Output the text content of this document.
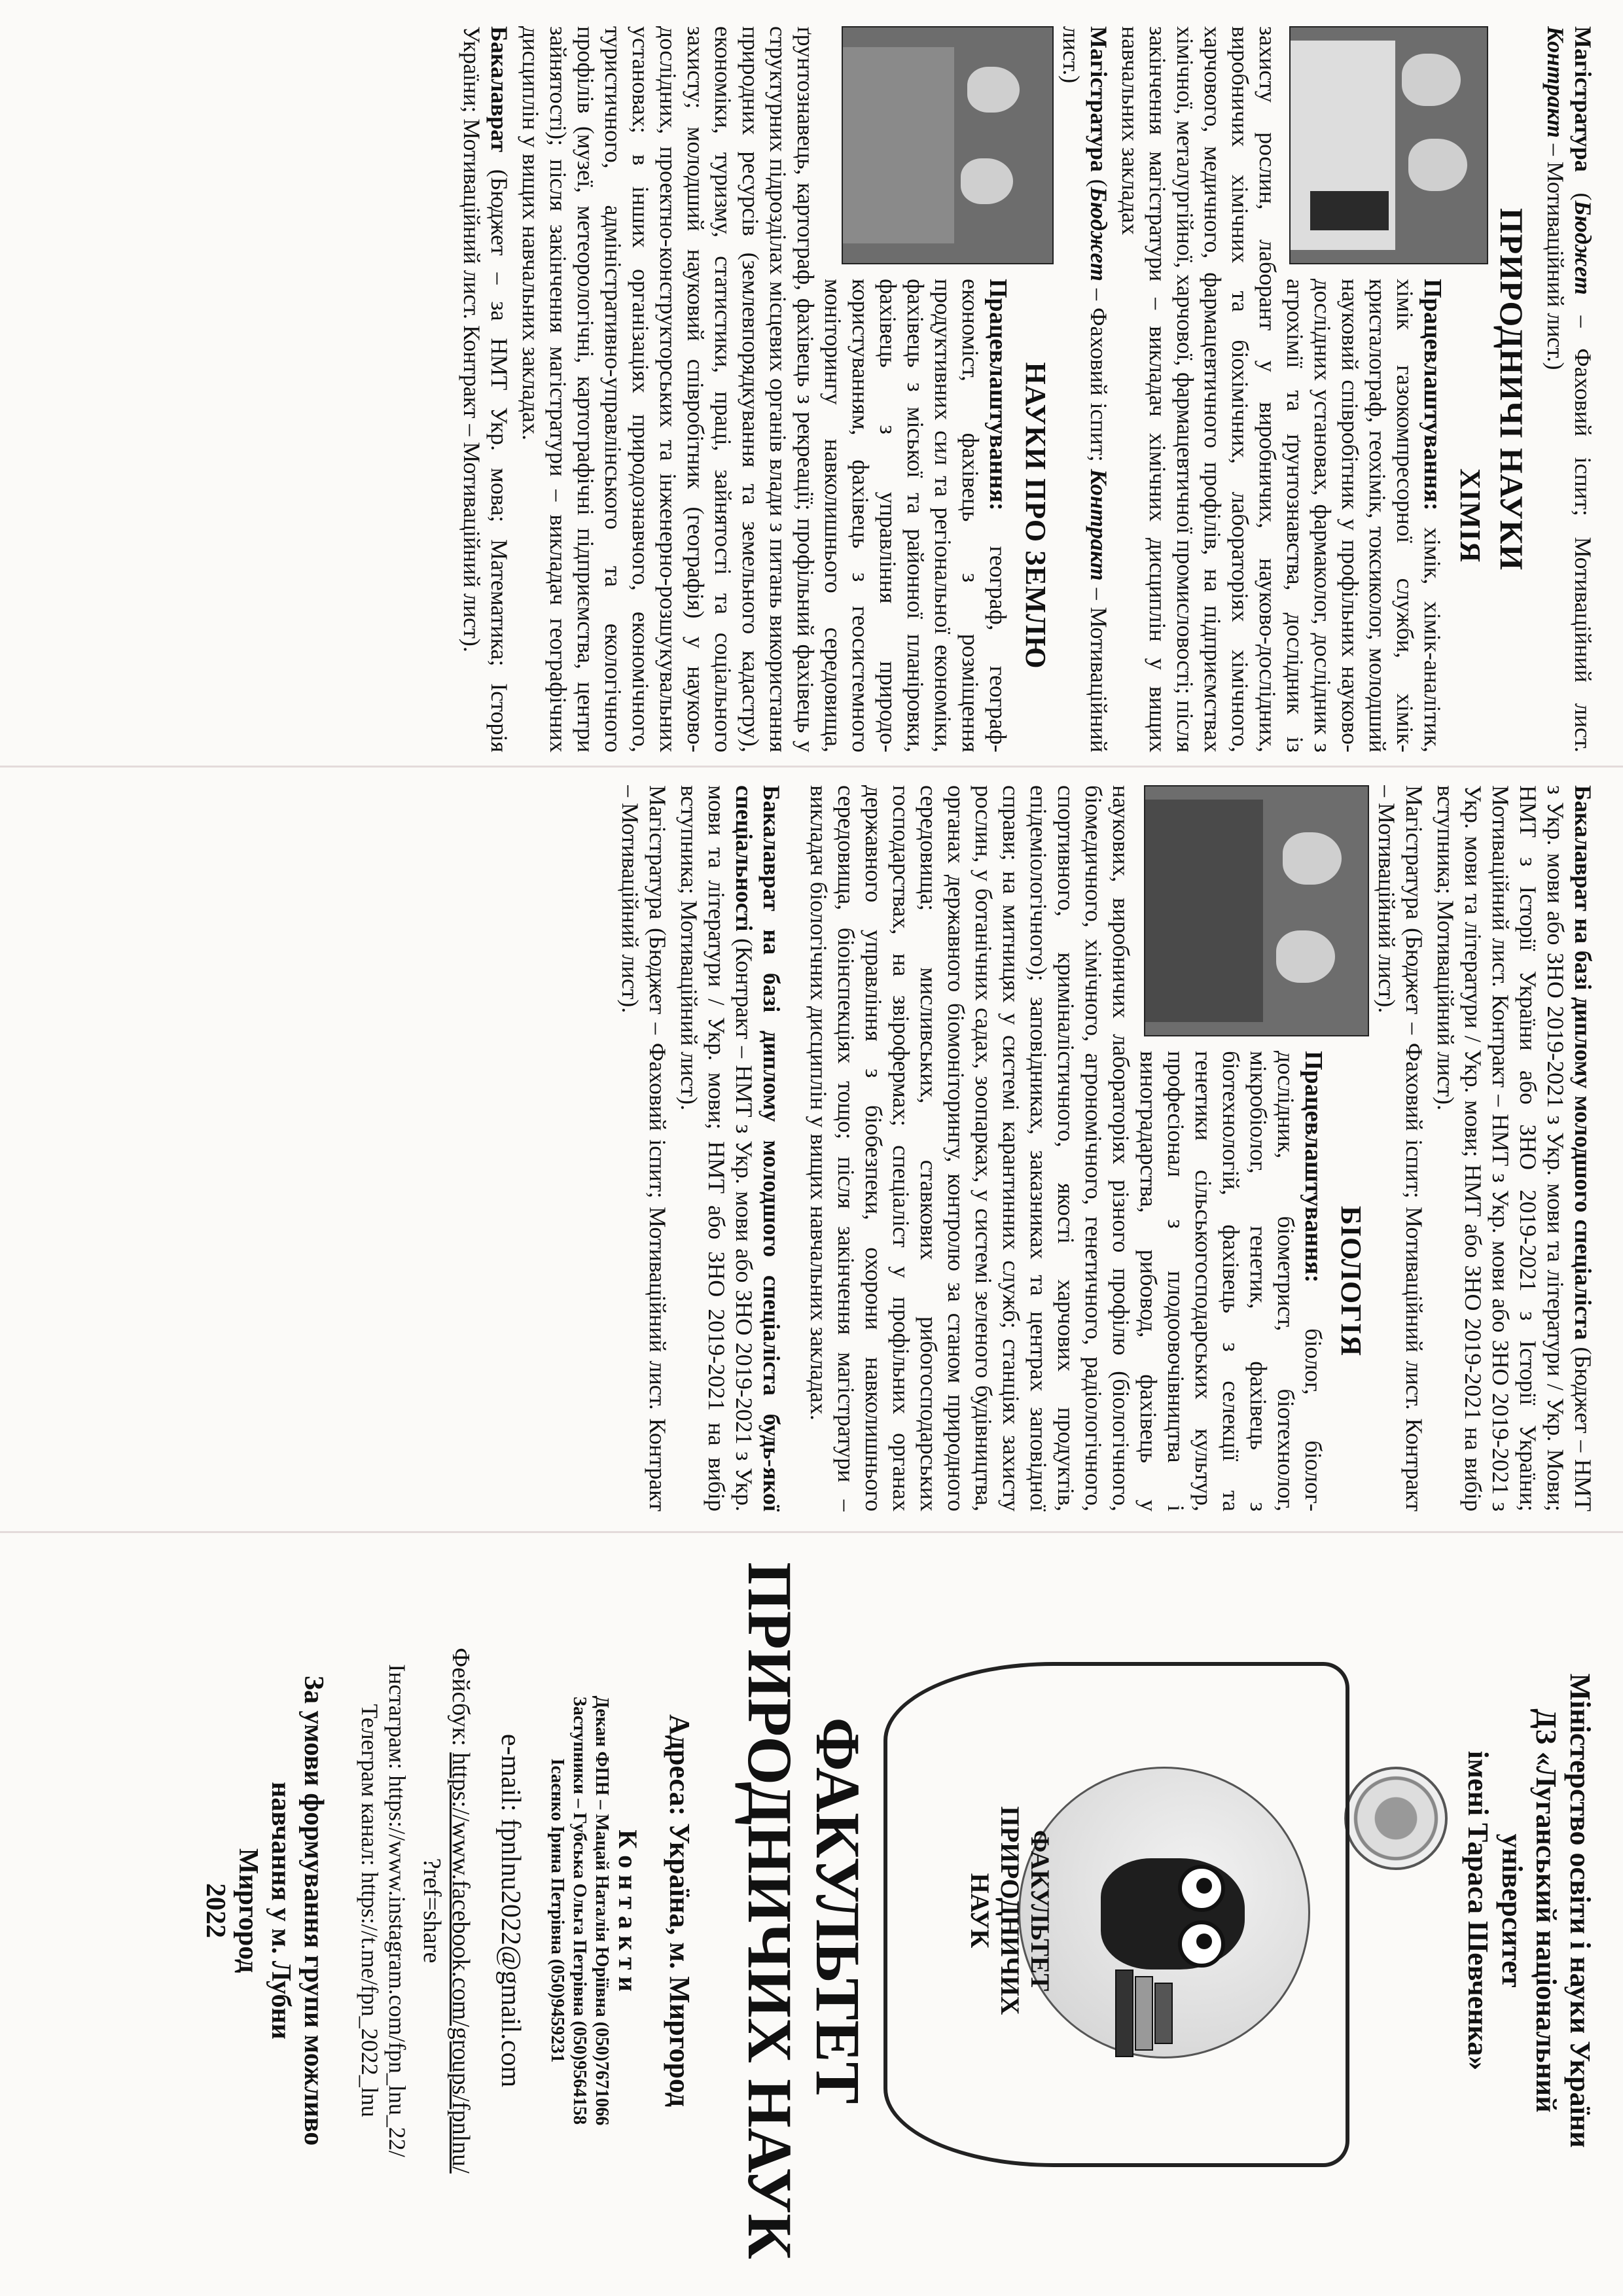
Магістратура (Бюджет – Фаховий іспит; Мотиваційний лист. Контракт – Мотиваційний лист.)

ПРИРОДНИЧІ НАУКИ
ХІМІЯ

Працевлаштування: хімік, хімік-аналітик, хімік газокомпресорної служби, хімік-кристалограф, геохімік, токсиколог, молодший науковий співробітник у профільних науково-дослідних установах, фармаколог, дослідник з агрохімії та ґрунтознавства, дослідник із захисту рослин, лаборант у виробничих, науково-дослідних, виробничих хімічних та біохімічних, лабораторіях хімічного, харчового, медичного, фармацевтичного профілів, на підприємствах хімічної, металургійної, харчової, фармацевтичної промисловості; після закінчення магістратури – викладач хімічних дисциплін у вищих навчальних закладах

Магістратура (Бюджет – Фаховий іспит; Контракт – Мотиваційний лист.)

НАУКИ ПРО ЗЕМЛЮ

Працевлаштування: географ, географ-економіст, фахівець з розміщення продуктивних сил та регіональної економіки, фахівець з міської та районної планіровки, фахівець з управління природо-користуванням, фахівець з геосистемного моніторингу навколишнього середовища, ґрунтознавець, картограф, фахівець з рекреації; профільний фахівець у структурних підрозділах місцевих органів влади з питань використання природних ресурсів (землевпорядкування та земельного кадастру), економіки, туризму, статистики, праці, зайнятості та соціального захисту; молодший науковий співробітник (географія) у науково-дослідних, проектно-конструкторських та інженерно-розшукувальних установах; в інших організаціях природознавчого, економічного, туристичного, адміністративно-управлінського та екологічного профілів (музеї, метеорологічні, картографічні підприємства, центри зайнятості); після закінчення магістратури – викладач географічних дисциплін у вищих навчальних закладах.

Бакалаврат (Бюджет – за НМТ Укр. мова; Математика; Історія України; Мотиваційний лист. Контракт – Мотиваційний лист).

Бакалаврат на базі диплому молодшого спеціаліста (Бюджет – НМТ з Укр. мови або ЗНО 2019-2021 з Укр. мови та літератури / Укр. Мови; НМТ з Історії України або ЗНО 2019-2021 з Історії України; Мотиваційний лист. Контракт – НМТ з Укр. мови або ЗНО 2019-2021 з Укр. мови та літератури / Укр. мови; НМТ або ЗНО 2019-2021 на вибір вступника; Мотиваційний лист).

Магістратура (Бюджет – Фаховий іспит; Мотиваційний лист. Контракт – Мотиваційний лист).

БІОЛОГІЯ

Працевлаштування: біолог, біолог-дослідник, біометрист, біотехнолог, мікробіолог, генетик, фахівець з біотехнологій, фахівець з селекції та генетики сільськогосподарських культур, професіонал з плодоовочівництва і виноградарства, рибовод, фахівець у наукових, виробничих лабораторіях різного профілю (біологічного, біомедичного, хімічного, агрономічного, генетичного, радіологічного, спортивного, криміналістичного, якості харчових продуктів, епідеміологічного); заповідниках, заказниках та центрах заповідної справи; на митницях у системі карантинних служб; станціях захисту рослин, у ботанічних садах, зоопарках, у системі зеленого будівництва, органах державного біомоніторингу, контролю за станом природного середовища; мисливських, ставкових рибогосподарських господарствах, на звірофермах; спеціаліст у профільних органах державного управління з біобезпеки, охорони навколишнього середовища, біоінспекціях тощо; після закінчення магістратури – викладач біологічних дисциплін у вищих навчальних закладах.

Бакалаврат на базі диплому молодшого спеціаліста будь-якої спеціальності (Контракт – НМТ з Укр. мови або ЗНО 2019-2021 з Укр. мови та літератури / Укр. мови; НМТ або ЗНО 2019-2021 на вибір вступника; Мотиваційний лист).

Магістратура (Бюджет – Фаховий іспит; Мотиваційний лист. Контракт – Мотиваційний лист).

Міністерство освіти і науки України
ДЗ «Луганський національний
університет
імені Тараса Шевченка»
ФАКУЛЬТЕТ
ПРИРОДНИЧИХ НАУК
ФАКУЛЬТЕТ
ПРИРОДНИЧИХ НАУК
Адреса: Україна, м. Миргород
К о н т а к т и
Декан ФПН – Мацай Наталія Юріївна (050)7671066
Заступники – Губська Ольга Петрівна (050)9564158
Ісаєнко Ірина Петрівна (050)9459231
e-mail: fpnlnu2022@gmail.com
Фейсбук: https://www.facebook.com/groups/fpnlnu/
?ref=share
Інстаграм: https://www.instagram.com/fpn_lnu_22/
Телеграм канал: https://t.me/fpn_2022_lnu
За умови формування групи можливо
навчання у м. Лубни
Миргород
2022
